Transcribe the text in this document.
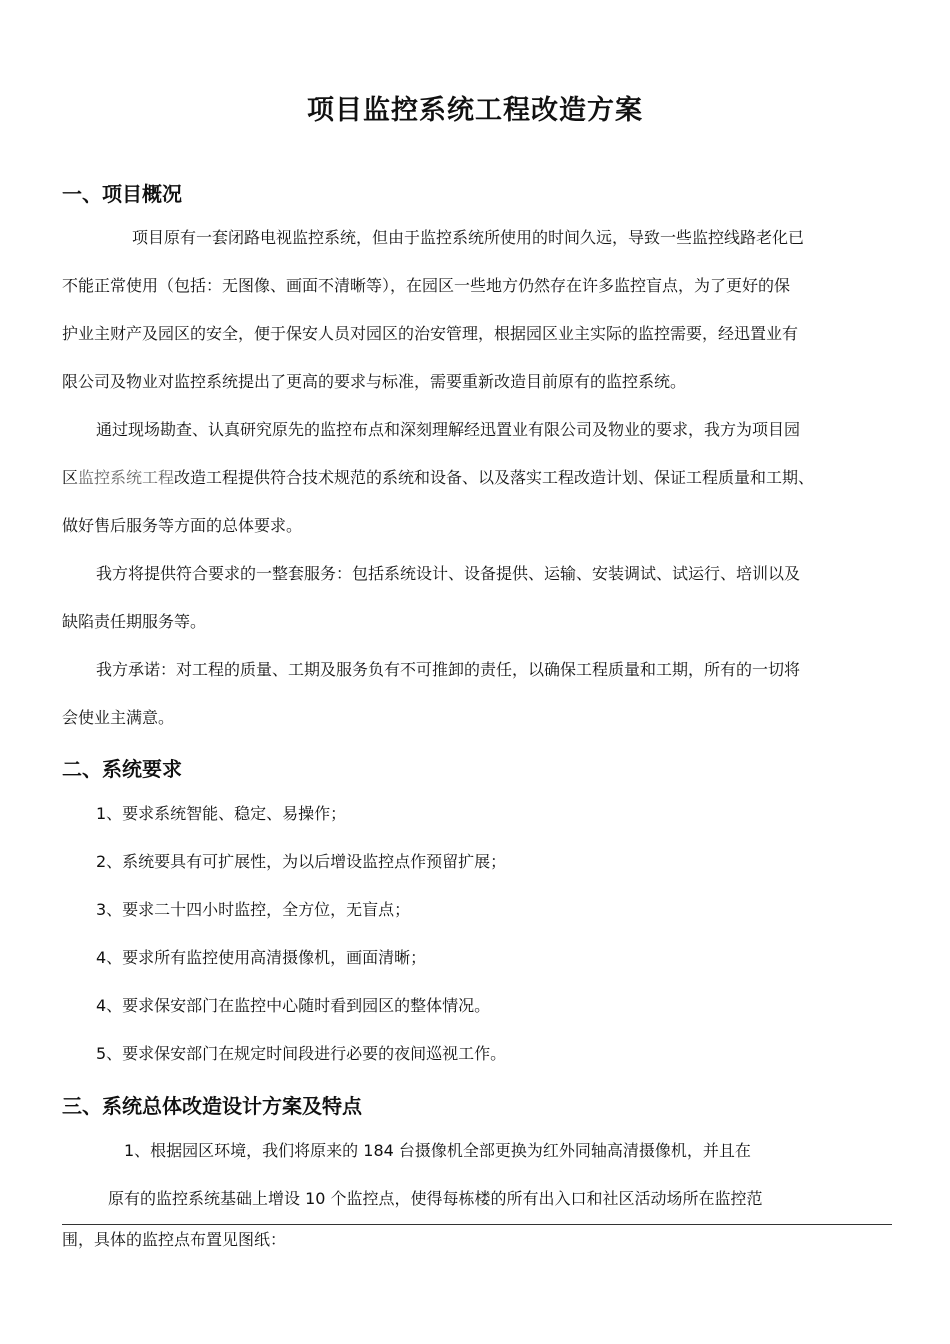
项目监控系统工程改造方案
一、项目概况
项目原有一套闭路电视监控系统，但由于监控系统所使用的时间久远，导致一些监控线路老化已
不能正常使用（包括：无图像、画面不清晰等），在园区一些地方仍然存在许多监控盲点，为了更好的保
护业主财产及园区的安全，便于保安人员对园区的治安管理，根据园区业主实际的监控需要，经迅置业有
限公司及物业对监控系统提出了更高的要求与标准，需要重新改造目前原有的监控系统。
通过现场勘查、认真研究原先的监控布点和深刻理解经迅置业有限公司及物业的要求，我方为项目园
区监控系统工程改造工程提供符合技术规范的系统和设备、以及落实工程改造计划、保证工程质量和工期、
做好售后服务等方面的总体要求。
我方将提供符合要求的一整套服务：包括系统设计、设备提供、运输、安装调试、试运行、培训以及
缺陷责任期服务等。
我方承诺：对工程的质量、工期及服务负有不可推卸的责任，以确保工程质量和工期，所有的一切将
会使业主满意。
二、系统要求
1、要求系统智能、稳定、易操作；
2、系统要具有可扩展性，为以后增设监控点作预留扩展；
3、要求二十四小时监控，全方位，无盲点；
4、要求所有监控使用高清摄像机，画面清晰；
4、要求保安部门在监控中心随时看到园区的整体情况。
5、要求保安部门在规定时间段进行必要的夜间巡视工作。
三、系统总体改造设计方案及特点
1、根据园区环境，我们将原来的 184 台摄像机全部更换为红外同轴高清摄像机，并且在
原有的监控系统基础上增设 10 个监控点，使得每栋楼的所有出入口和社区活动场所在监控范
围，具体的监控点布置见图纸：
